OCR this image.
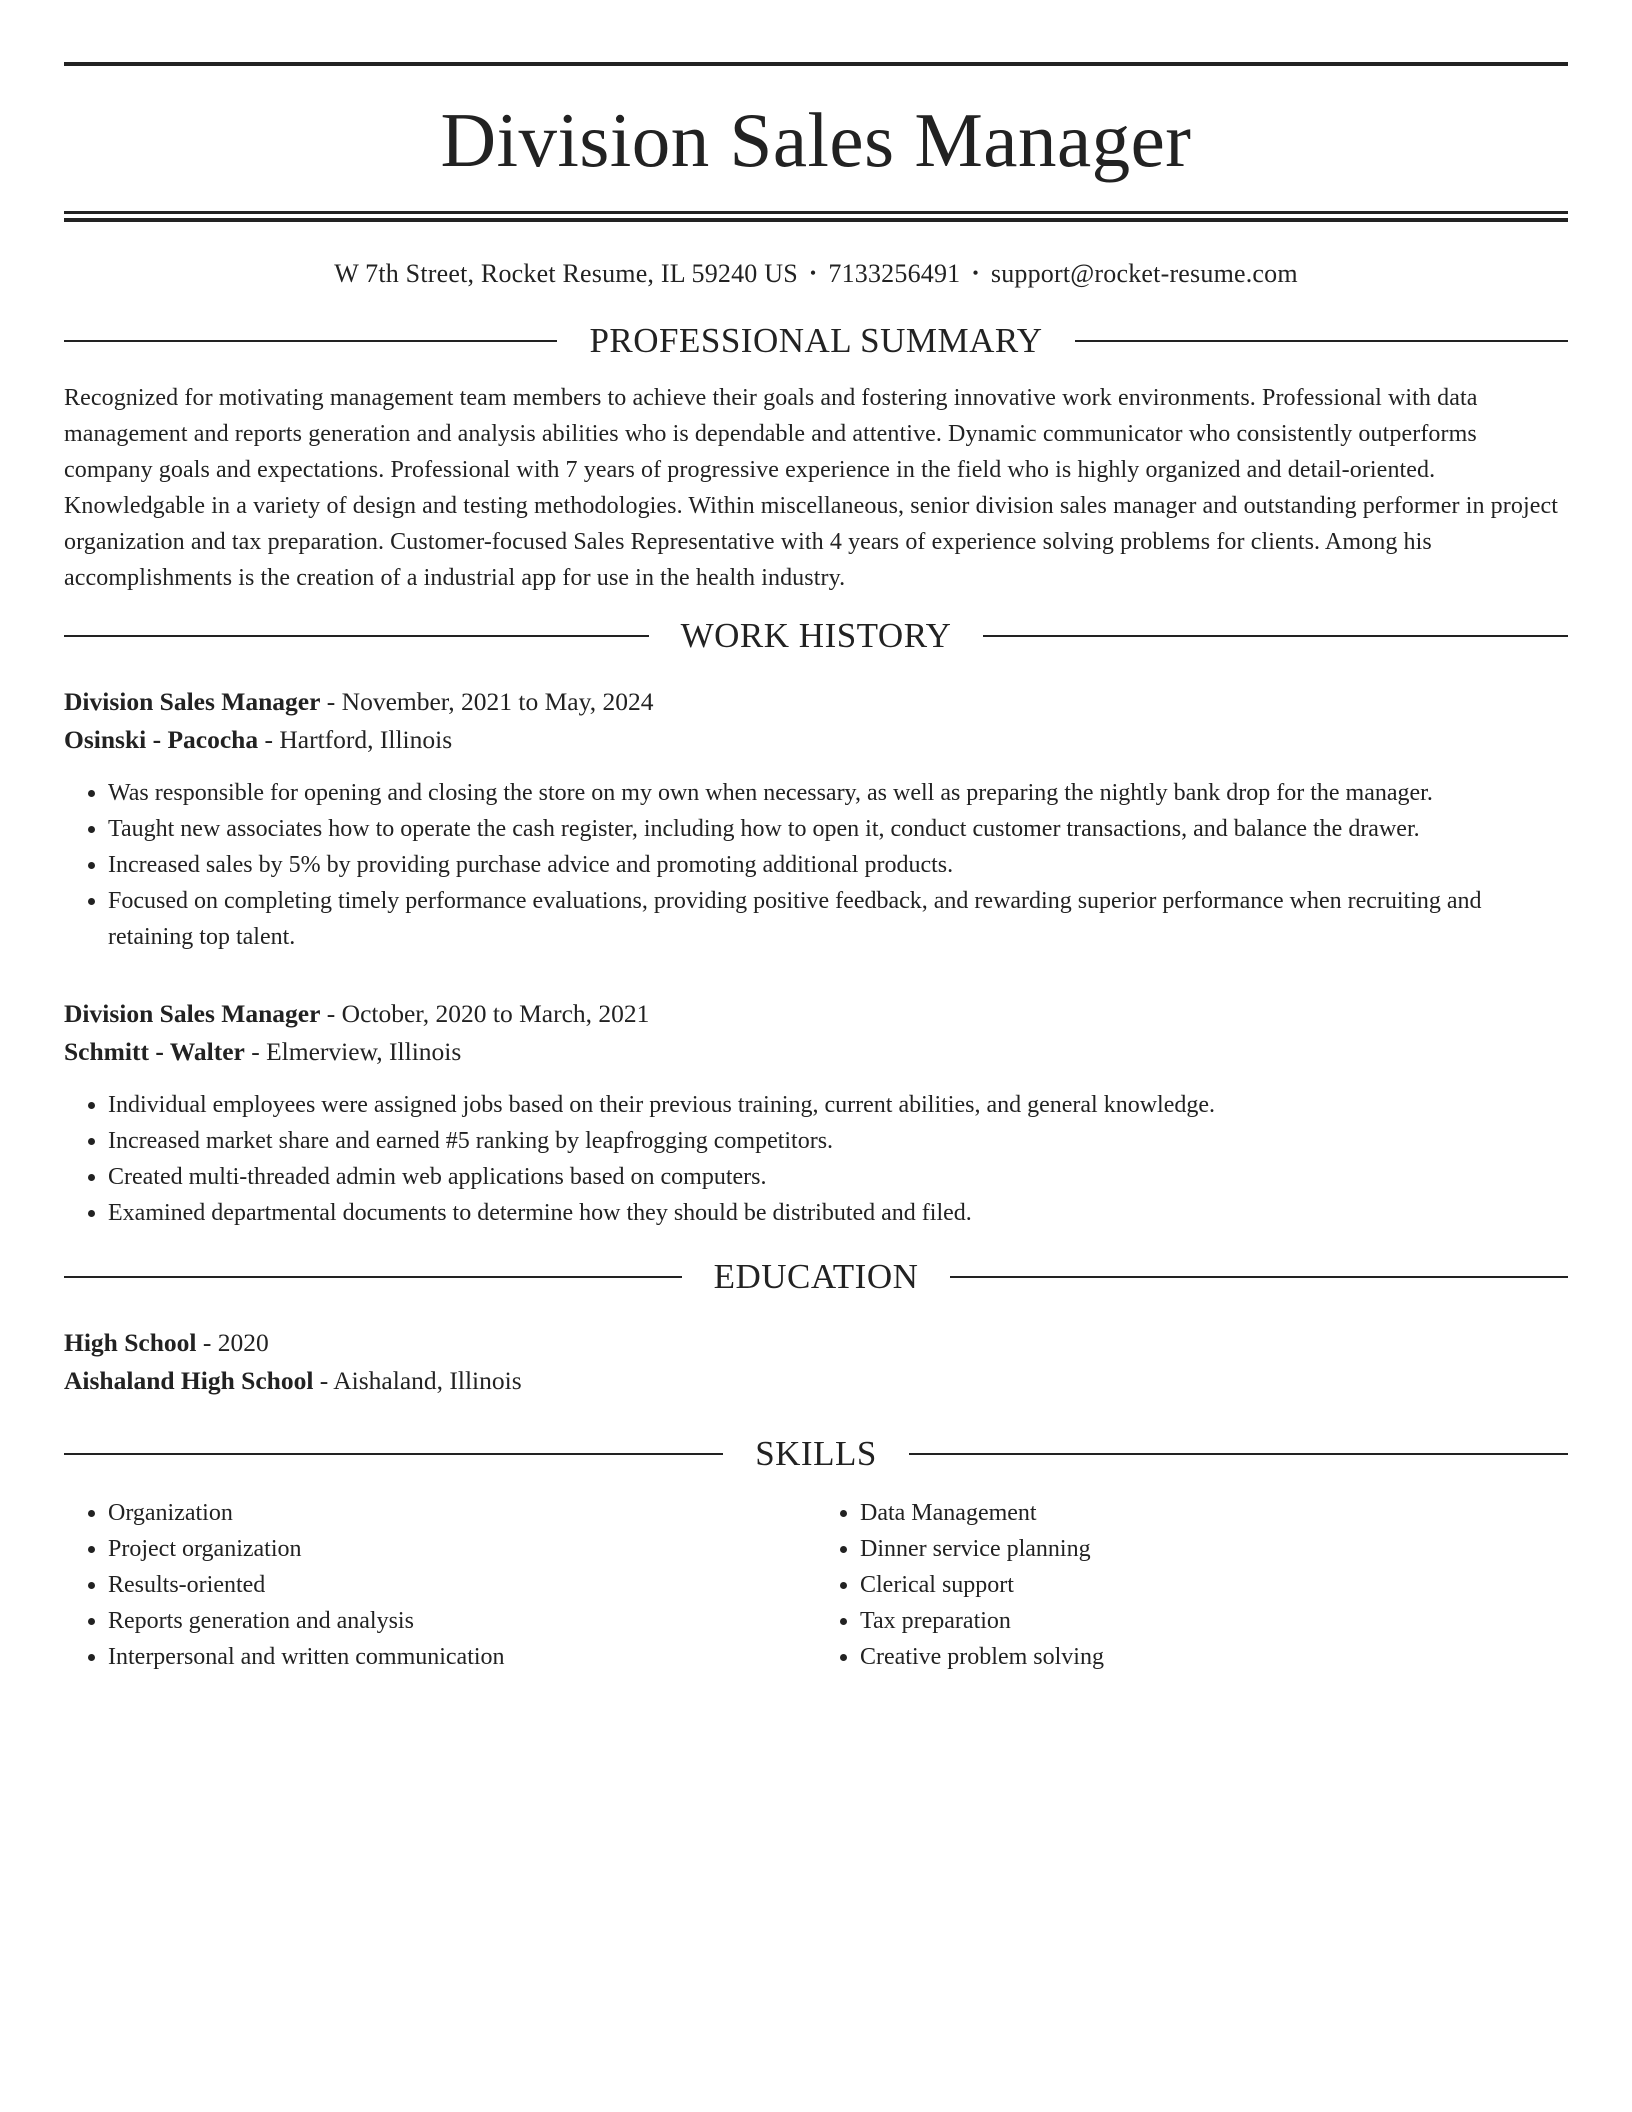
Division Sales Manager
W 7th Street, Rocket Resume, IL 59240 US • 7133256491 • support@rocket-resume.com
PROFESSIONAL SUMMARY

Recognized for motivating management team members to achieve their goals and fostering innovative work environments. Professional with data management and reports generation and analysis abilities who is dependable and attentive. Dynamic communicator who consistently outperforms company goals and expectations. Professional with 7 years of progressive experience in the field who is highly organized and detail-oriented. Knowledgable in a variety of design and testing methodologies. Within miscellaneous, senior division sales manager and outstanding performer in project organization and tax preparation. Customer-focused Sales Representative with 4 years of experience solving problems for clients. Among his accomplishments is the creation of a industrial app for use in the health industry.

WORK HISTORY
Division Sales Manager - November, 2021 to May, 2024
Osinski - Pacocha - Hartford, Illinois
• Was responsible for opening and closing the store on my own when necessary, as well as preparing the nightly bank drop for the manager.
• Taught new associates how to operate the cash register, including how to open it, conduct customer transactions, and balance the drawer.
• Increased sales by 5% by providing purchase advice and promoting additional products.
• Focused on completing timely performance evaluations, providing positive feedback, and rewarding superior performance when recruiting and retaining top talent.
Division Sales Manager - October, 2020 to March, 2021
Schmitt - Walter - Elmerview, Illinois
• Individual employees were assigned jobs based on their previous training, current abilities, and general knowledge.
• Increased market share and earned #5 ranking by leapfrogging competitors.
• Created multi-threaded admin web applications based on computers.
• Examined departmental documents to determine how they should be distributed and filed.
EDUCATION
High School - 2020
Aishaland High School - Aishaland, Illinois
SKILLS
• Organization
• Project organization
• Results-oriented
• Reports generation and analysis
• Interpersonal and written communication
• Data Management
• Dinner service planning
• Clerical support
• Tax preparation
• Creative problem solving
